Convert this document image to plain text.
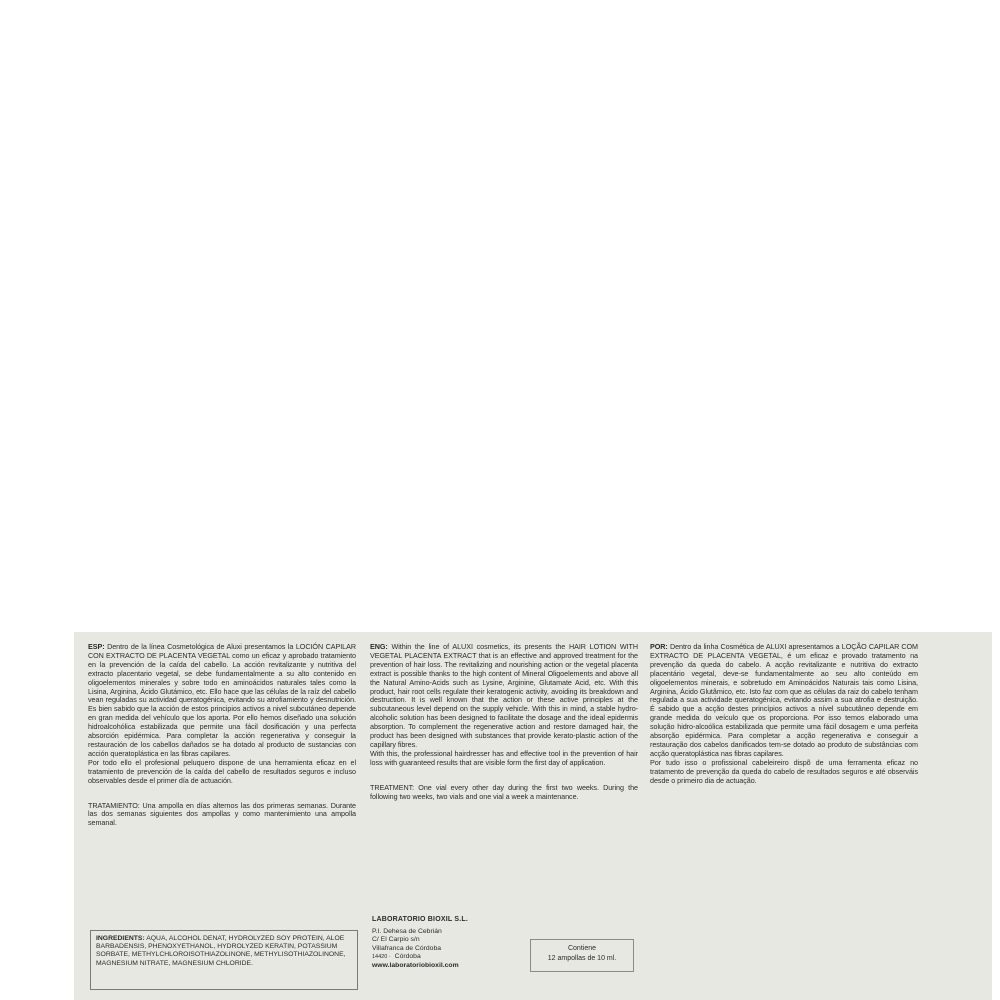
ESP: Dentro de la línea Cosmetológica de Aluxi presentamos la LOCIÓN CAPILAR CON EXTRACTO DE PLACENTA VEGETAL como un eficaz y aprobado tratamiento en la prevención de la caída del cabello. La acción revitalizante y nutritiva del extracto placentario vegetal, se debe fundamentalmente a su alto contenido en oligoelementos minerales y sobre todo en aminoácidos naturales tales como la Lisina, Arginina, Ácido Glutámico, etc. Ello hace que las células de la raíz del cabello vean reguladas su actividad queratogénica, evitando su atrofiamiento y desnutrición. Es bien sabido que la acción de estos principios activos a nivel subcutáneo depende en gran medida del vehículo que los aporta. Por ello hemos diseñado una solución hidroalcohólica estabilizada que permite una fácil dosificación y una perfecta absorción epidérmica. Para completar la acción regenerativa y conseguir la restauración de los cabellos dañados se ha dotado al producto de sustancias con acción queratoplástica en las fibras capilares.

Por todo ello el profesional peluquero dispone de una herramienta eficaz en el tratamiento de prevención de la caída del cabello de resultados seguros e incluso observables desde el primer día de actuación.

TRATAMIENTO: Una ampolla en días alternos las dos primeras semanas. Durante las dos semanas siguientes dos ampollas y como mantenimiento una ampolla semanal.

ENG: Within the line of ALUXI cosmetics, its presents the HAIR LOTION WITH VEGETAL PLACENTA EXTRACT that is an effective and approved treatment for the prevention of hair loss. The revitalizing and nourishing action or the vegetal placenta extract is possible thanks to the high content of Mineral Oligoelements and above all the Natural Amino-Acids such as Lysine, Arginine, Glutamate Acid, etc. With this product, hair root cells regulate their keratogenic activity, avoiding its breakdown and destruction. It is well known that the action or these active principles at the subcutaneous level depend on the supply vehicle. With this in mind, a stable hydro-alcoholic solution has been designed to facilitate the dosage and the ideal epidermis absorption. To complement the regenerative action and restore damaged hair, the product has been designed with substances that provide kerato-plastic action of the capillary fibres.

With this, the professional hairdresser has and effective tool in the prevention of hair loss with guaranteed results that are visible form the first day of application.

TREATMENT: One vial every other day during the first two weeks. During the following two weeks, two vials and one vial a week a maintenance.

POR: Dentro da linha Cosmética de ALUXI apresentamos a LOÇÃO CAPILAR COM EXTRACTO DE PLACENTA VEGETAL, é um eficaz e provado tratamento na prevenção da queda do cabelo. A acção revitalizante e nutritiva do extracto placentário vegetal, deve-se fundamentalmente ao seu alto conteúdo em oligoelementos minerais, e sobretudo em Aminoácidos Naturais tais como Lisina, Arginina, Ácido Glutâmico, etc. Isto faz com que as células da raiz do cabelo tenham regulada a sua actividade queratogénica, evitando assim a sua atrofia e destruição. É sabido que a acção destes princípios activos a nível subcutâneo depende em grande medida do veículo que os proporciona. Por isso temos elaborado uma solução hidro-alcoólica estabilizada que permite uma fácil dosagem e uma perfeita absorção epidérmica. Para completar a acção regenerativa e conseguir a restauração dos cabelos danificados tem-se dotado ao produto de substâncias com acção queratoplástica nas fibras capilares.

Por tudo isso o profissional cabeleireiro dispõ de uma ferramenta eficaz no tratamento de prevenção da queda do cabelo de resultados seguros e até observáis desde o primeiro dia de actuação.

INGREDIENTS: AQUA, ALCOHOL DENAT, HYDROLYZED SOY PROTEIN, ALOE BARBADENSIS, PHENOXYETHANOL, HYDROLYZED KERATIN, POTASSIUM SORBATE, METHYLCHLOROISOTHIAZOLINONE, METHYLISOTHIAZOLINONE, MAGNESIUM NITRATE, MAGNESIUM CHLORIDE.
LABORATORIO BIOXIL S.L.
P.I. Dehesa de Cebrián
C/ El Carpio s/n
Villafranca de Córdoba
14420 · Córdoba
www.laboratoriobioxil.com
Contiene
12 ampollas de 10 ml.
